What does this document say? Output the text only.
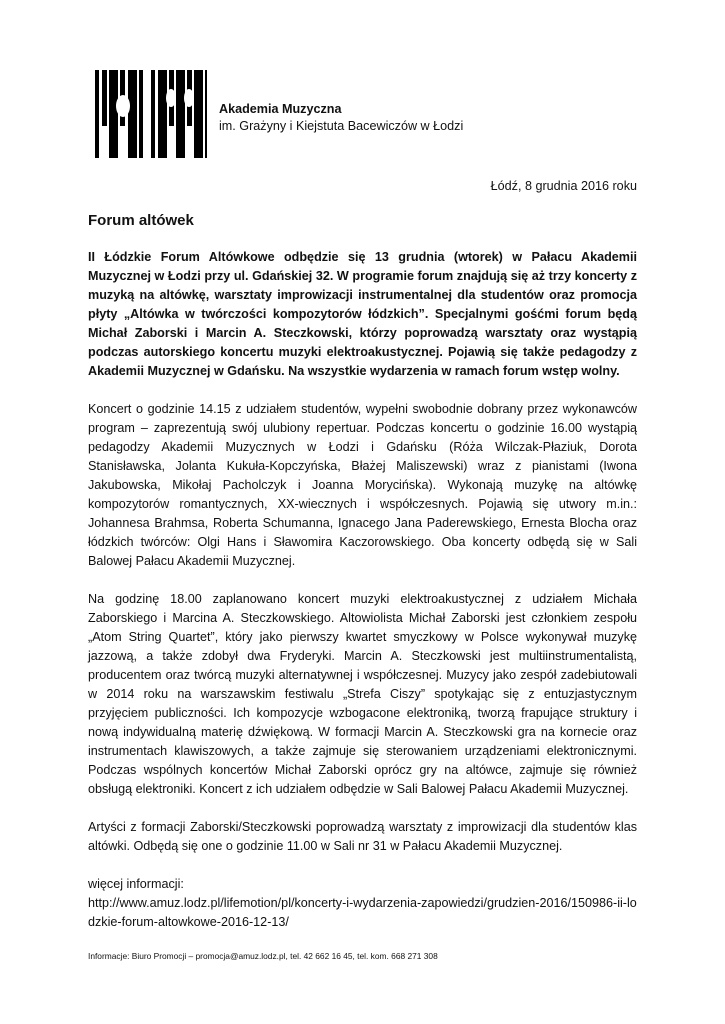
Akademia Muzyczna
im. Grażyny i Kiejstuta Bacewiczów w Łodzi
Łódź, 8 grudnia 2016 roku
Forum altówek

II Łódzkie Forum Altówkowe odbędzie się 13 grudnia (wtorek) w Pałacu Akademii Muzycznej w Łodzi przy ul. Gdańskiej 32. W programie forum znajdują się aż trzy koncerty z muzyką na altówkę, warsztaty improwizacji instrumentalnej dla studentów oraz promocja płyty „Altówka w twórczości kompozytorów łódzkich”. Specjalnymi gośćmi forum będą Michał Zaborski i Marcin A. Steczkowski, którzy poprowadzą warsztaty oraz wystąpią podczas autorskiego koncertu muzyki elektroakustycznej. Pojawią się także pedagodzy z Akademii Muzycznej w Gdańsku. Na wszystkie wydarzenia w ramach forum wstęp wolny.

Koncert o godzinie 14.15 z udziałem studentów, wypełni swobodnie dobrany przez wykonawców program – zaprezentują swój ulubiony repertuar. Podczas koncertu o godzinie 16.00 wystąpią pedagodzy Akademii Muzycznych w Łodzi i Gdańsku (Róża Wilczak-Płaziuk, Dorota Stanisławska, Jolanta Kukuła-Kopczyńska, Błażej Maliszewski) wraz z pianistami (Iwona Jakubowska, Mikołaj Pacholczyk i Joanna Morycińska). Wykonają muzykę na altówkę kompozytorów romantycznych, XX-wiecznych i współczesnych. Pojawią się utwory m.in.: Johannesa Brahmsa, Roberta Schumanna, Ignacego Jana Paderewskiego, Ernesta Blocha oraz łódzkich twórców: Olgi Hans i Sławomira Kaczorowskiego. Oba koncerty odbędą się w Sali Balowej Pałacu Akademii Muzycznej.

Na godzinę 18.00 zaplanowano koncert muzyki elektroakustycznej z udziałem Michała Zaborskiego i Marcina A. Steczkowskiego. Altowiolista Michał Zaborski jest członkiem zespołu „Atom String Quartet”, który jako pierwszy kwartet smyczkowy w Polsce wykonywał muzykę jazzową, a także zdobył dwa Fryderyki. Marcin A. Steczkowski jest multiinstrumentalistą, producentem oraz twórcą muzyki alternatywnej i współczesnej. Muzycy jako zespół zadebiutowali w 2014 roku na warszawskim festiwalu „Strefa Ciszy” spotykając się z entuzjastycznym przyjęciem publiczności. Ich kompozycje wzbogacone elektroniką, tworzą frapujące struktury i nową indywidualną materię dźwiękową. W formacji Marcin A. Steczkowski gra na kornecie oraz instrumentach klawiszowych, a także zajmuje się sterowaniem urządzeniami elektronicznymi. Podczas wspólnych koncertów Michał Zaborski oprócz gry na altówce, zajmuje się również obsługą elektroniki. Koncert z ich udziałem odbędzie w Sali Balowej Pałacu Akademii Muzycznej.

Artyści z formacji Zaborski/Steczkowski poprowadzą warsztaty z improwizacji dla studentów klas altówki. Odbędą się one o godzinie 11.00 w Sali nr 31 w Pałacu Akademii Muzycznej.

więcej informacji:
http://www.amuz.lodz.pl/lifemotion/pl/koncerty-i-wydarzenia-zapowiedzi/grudzien-2016/150986-ii-lodzkie-forum-altowkowe-2016-12-13/
Informacje: Biuro Promocji – promocja@amuz.lodz.pl, tel. 42 662 16 45, tel. kom. 668 271 308
